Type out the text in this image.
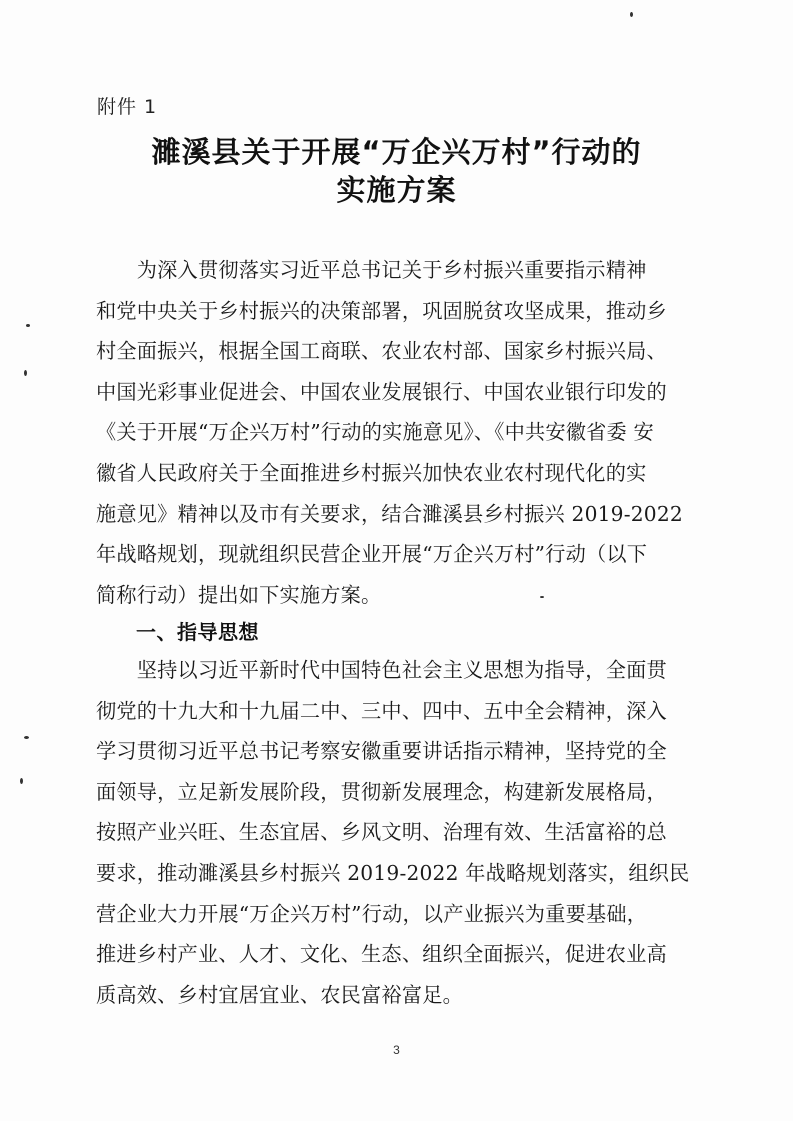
附件 1
濉溪县关于开展“万企兴万村”行动的
实施方案
　　为深入贯彻落实习近平总书记关于乡村振兴重要指示精神
和党中央关于乡村振兴的决策部署，巩固脱贫攻坚成果，推动乡
村全面振兴，根据全国工商联、农业农村部、国家乡村振兴局、
中国光彩事业促进会、中国农业发展银行、中国农业银行印发的
《关于开展“万企兴万村”行动的实施意见》、《中共安徽省委 安
徽省人民政府关于全面推进乡村振兴加快农业农村现代化的实
施意见》精神以及市有关要求，结合濉溪县乡村振兴 2019-2022
年战略规划，现就组织民营企业开展“万企兴万村”行动（以下
简称行动）提出如下实施方案。
一、指导思想
　　坚持以习近平新时代中国特色社会主义思想为指导，全面贯
彻党的十九大和十九届二中、三中、四中、五中全会精神，深入
学习贯彻习近平总书记考察安徽重要讲话指示精神，坚持党的全
面领导，立足新发展阶段，贯彻新发展理念，构建新发展格局，
按照产业兴旺、生态宜居、乡风文明、治理有效、生活富裕的总
要求，推动濉溪县乡村振兴 2019-2022 年战略规划落实，组织民
营企业大力开展“万企兴万村”行动，以产业振兴为重要基础，
推进乡村产业、人才、文化、生态、组织全面振兴，促进农业高
质高效、乡村宜居宜业、农民富裕富足。
3
